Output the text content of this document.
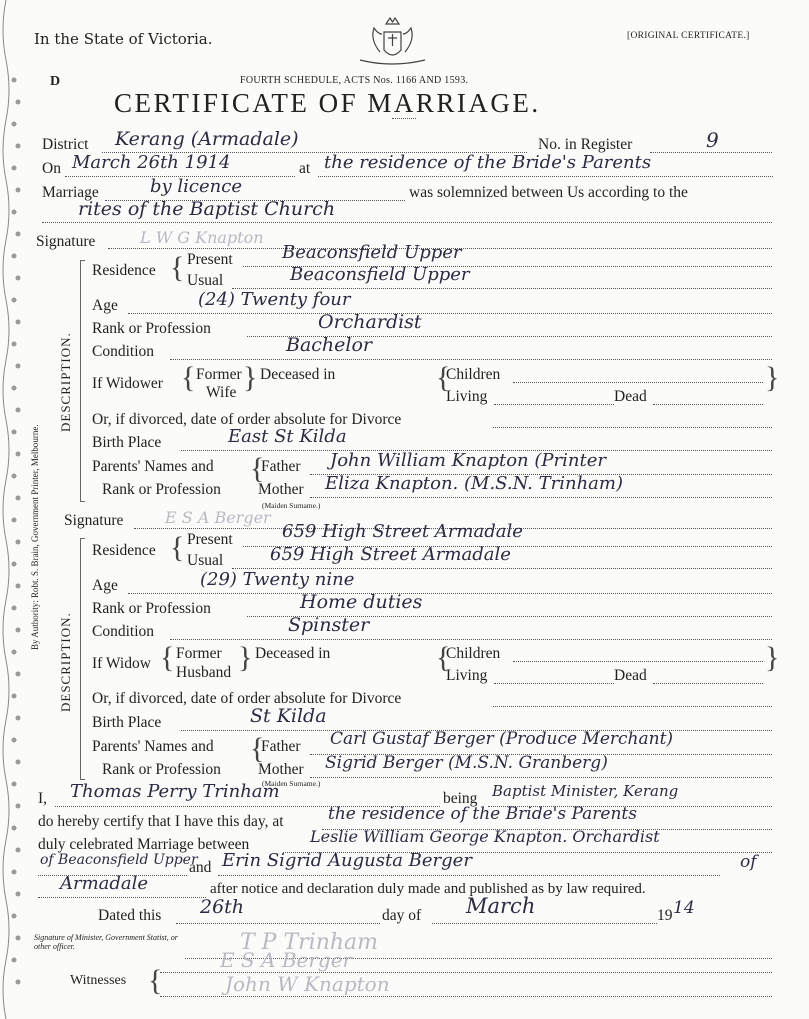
By Authority: Robt. S. Brain, Government Printer, Melbourne.
In the State of Victoria.	[ORIGINAL CERTIFICATE.]
D	FOURTH SCHEDULE, ACTS Nos. 1166 AND 1593.
CERTIFICATE OF MARRIAGE.
District Kerang (Armadale)	No. in Register	9
On March 26th 1914	at the residence of the Bride's Parents
Marriage	by licence	was solemnized between Us according to the
rites of the Baptist Church
Signature	L W G Knapton
DESCRIPTION.
Residence { Present	Beaconsfield Upper
Usual	Beaconsfield Upper
Age	(24) Twenty four
Rank or Profession	Orchardist
Condition	Bachelor
If Widower { Former
Wife } Deceased in	{
Children
Living	Dead
}
Or, if divorced, date of order absolute for Divorce
Birth Place	East St Kilda
Parents' Names and
Rank or Profession
{
Father John William Knapton (Printer
Mother Eliza Knapton. (M.S.N. Trinham)
(Maiden Surname.)
Signature	E S A Berger
DESCRIPTION.
Residence { Present	659 High Street Armadale
Usual	659 High Street Armadale
Age	(29) Twenty nine
Rank or Profession	Home duties
Condition	Spinster
If Widow { Former
Husband } Deceased in	{
Children
Living	Dead
}
Or, if divorced, date of order absolute for Divorce
Birth Place	St Kilda
Parents' Names and
Rank or Profession
{
Father Carl Gustaf Berger (Produce Merchant)
Mother Sigrid Berger (M.S.N. Granberg)
(Maiden Surname.)
I, Thomas Perry Trinham	being Baptist Minister, Kerang
do hereby certify that I have this day, at	the residence of the Bride's Parents
duly celebrated Marriage between	Leslie William George Knapton. Orchardist
of Beaconsfield Upper
and Erin Sigrid Augusta Berger	of
Armadale	after notice and declaration duly made and published as by law required.
Dated this 26th	day of March	19 14
Signature of Minister, Government Statist, or other officer.	T P Trinham
Witnesses {
E S A Berger
John W Knapton
